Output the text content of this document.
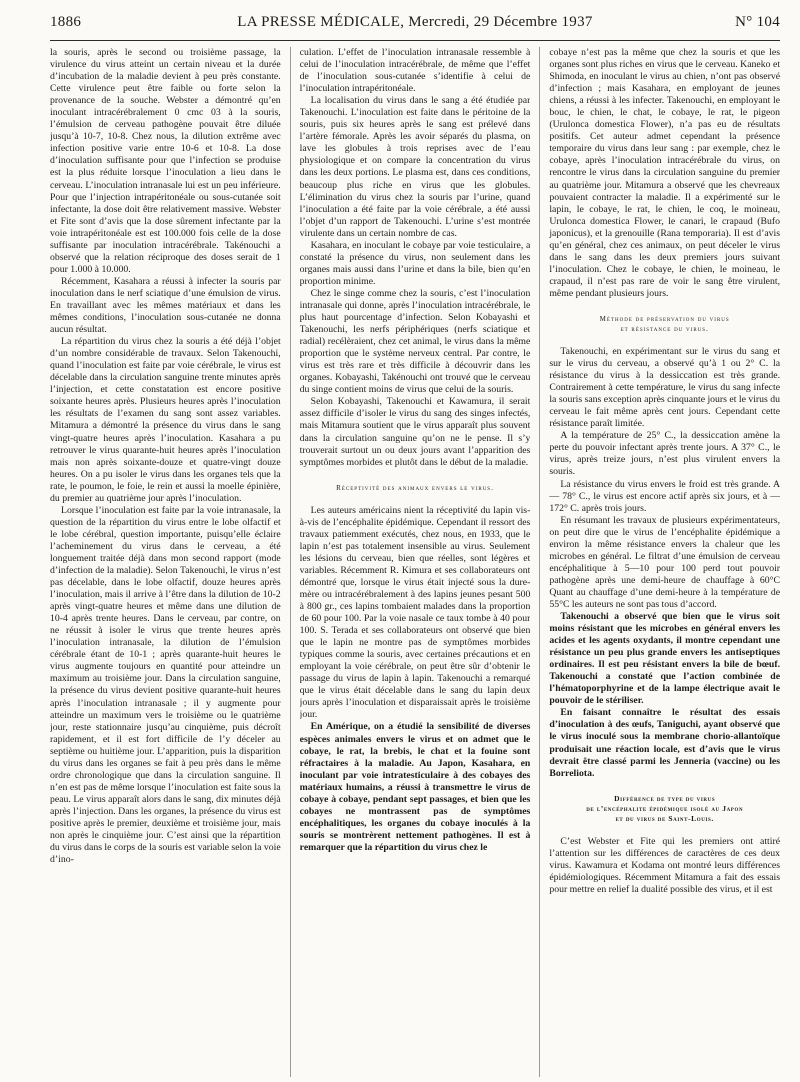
1886	LA PRESSE MÉDICALE, Mercredi, 29 Décembre 1937	N° 104

la souris, après le second ou troisième passage, la virulence du virus atteint un certain niveau et la durée d’incubation de la maladie devient à peu près constante. Cette virulence peut être faible ou forte selon la provenance de la souche. Webster a démontré qu’en inoculant intracérébralement 0 cmc 03 à la souris, l’émulsion de cerveau pathogène pouvait être diluée jusqu’à 10-7, 10-8. Chez nous, la dilution extrême avec infection positive varie entre 10-6 et 10-8. La dose d’inoculation suffisante pour que l’infection se produise est la plus réduite lorsque l’inoculation a lieu dans le cerveau. L’inoculation intranasale lui est un peu inférieure. Pour que l’injection intrapéritonéale ou sous-cutanée soit infectante, la dose doit être relativement massive. Webster et Fite sont d’avis que la dose sûrement infectante par la voie intrapéritonéale est est 100.000 fois celle de la dose suffisante par inoculation intracérébrale. Takénouchi a observé que la relation réciproque des doses serait de 1 pour 1.000 à 10.000.

Récemment, Kasahara a réussi à infecter la souris par inoculation dans le nerf sciatique d’une émulsion de virus. En travaillant avec les mêmes matériaux et dans les mêmes conditions, l’inoculation sous-cutanée ne donna aucun résultat.

La répartition du virus chez la souris a été déjà l’objet d’un nombre considérable de travaux. Selon Takenouchi, quand l’inoculation est faite par voie cérébrale, le virus est décelable dans la circulation sanguine trente minutes après l’injection, et cette constatation est encore positive soixante heures après. Plusieurs heures après l’inoculation les résultats de l’examen du sang sont assez variables. Mitamura a démontré la présence du virus dans le sang vingt-quatre heures après l’inoculation. Kasahara a pu retrouver le virus quarante-huit heures après l’inoculation mais non après soixante-douze et quatre-vingt douze heures. On a pu isoler le virus dans les organes tels que la rate, le poumon, le foie, le rein et aussi la moelle épinière, du premier au quatrième jour après l’inoculation.

Lorsque l’inoculation est faite par la voie intranasale, la question de la répartition du virus entre le lobe olfactif et le lobe cérébral, question importante, puisqu’elle éclaire l’acheminement du virus dans le cerveau, a été longuement traitée déjà dans mon second rapport (mode d’infection de la maladie). Selon Takenouchi, le virus n’est pas décelable, dans le lobe olfactif, douze heures après l’inoculation, mais il arrive à l’être dans la dilution de 10-2 après vingt-quatre heures et même dans une dilution de 10-4 après trente heures. Dans le cerveau, par contre, on ne réussit à isoler le virus que trente heures après l’inoculation intranasale, la dilution de l’émulsion cérébrale étant de 10-1 ; après quarante-huit heures le virus augmente toujours en quantité pour atteindre un maximum au troisième jour. Dans la circulation sanguine, la présence du virus devient positive quarante-huit heures après l’inoculation intranasale ; il y augmente pour atteindre un maximum vers le troisième ou le quatrième jour, reste stationnaire jusqu’au cinquième, puis décroît rapidement, et il est fort difficile de l’y déceler au septième ou huitième jour. L’apparition, puis la disparition du virus dans les organes se fait à peu près dans le même ordre chronologique que dans la circulation sanguine. Il n’en est pas de même lorsque l’inoculation est faite sous la peau. Le virus apparaît alors dans le sang, dix minutes déjà après l’injection. Dans les organes, la présence du virus est positive après le premier, deuxième et troisième jour, mais non après le cinquième jour. C’est ainsi que la répartition du virus dans le corps de la souris est variable selon la voie d’ino-

culation. L’effet de l’inoculation intranasale ressemble à celui de l’inoculation intracérébrale, de même que l’effet de l’inoculation sous-cutanée s’identifie à celui de l’inoculation intrapéritonéale.

La localisation du virus dans le sang a été étudiée par Takenouchi. L’inoculation est faite dans le péritoine de la souris, puis six heures après le sang est prélevé dans l’artère fémorale. Après les avoir séparés du plasma, on lave les globules à trois reprises avec de l’eau physiologique et on compare la concentration du virus dans les deux portions. Le plasma est, dans ces conditions, beaucoup plus riche en virus que les globules. L’élimination du virus chez la souris par l’urine, quand l’inoculation a été faite par la voie cérébrale, a été aussi l’objet d’un rapport de Takenouchi. L’urine s’est montrée virulente dans un certain nombre de cas.

Kasahara, en inoculant le cobaye par voie testiculaire, a constaté la présence du virus, non seulement dans les organes mais aussi dans l’urine et dans la bile, bien qu’en proportion minime.

Chez le singe comme chez la souris, c’est l’inoculation intranasale qui donne, après l’inoculation intracérébrale, le plus haut pourcentage d’infection. Selon Kobayashi et Takenouchi, les nerfs périphériques (nerfs sciatique et radial) recélèraient, chez cet animal, le virus dans la même proportion que le système nerveux central. Par contre, le virus est très rare et très difficile à découvrir dans les organes. Kobayashi, Takénouchi ont trouvé que le cerveau du singe contient moins de virus que celui de la souris.

Selon Kobayashi, Takenouchi et Kawamura, il serait assez difficile d’isoler le virus du sang des singes infectés, mais Mitamura soutient que le virus apparaît plus souvent dans la circulation sanguine qu’on ne le pense. Il s’y trouverait surtout un ou deux jours avant l’apparition des symptômes morbides et plutôt dans le début de la maladie.

Réceptivité des animaux envers le virus.

Les auteurs américains nient la réceptivité du lapin vis-à-vis de l’encéphalite épidémique. Cependant il ressort des travaux patiemment exécutés, chez nous, en 1933, que le lapin n’est pas totalement insensible au virus. Seulement les lésions du cerveau, bien que réelles, sont légères et variables. Récemment R. Kimura et ses collaborateurs ont démontré que, lorsque le virus était injecté sous la dure-mère ou intracérébralement à des lapins jeunes pesant 500 à 800 gr., ces lapins tombaient malades dans la proportion de 60 pour 100. Par la voie nasale ce taux tombe à 40 pour 100. S. Terada et ses collaborateurs ont observé que bien que le lapin ne montre pas de symptômes morbides typiques comme la souris, avec certaines précautions et en employant la voie cérébrale, on peut être sûr d’obtenir le passage du virus de lapin à lapin. Takenouchi a remarqué que le virus était décelable dans le sang du lapin deux jours après l’inoculation et disparaissait après le troisième jour.

En Amérique, on a étudié la sensibilité de diverses espèces animales envers le virus et on admet que le cobaye, le rat, la brebis, le chat et la fouine sont réfractaires à la maladie. Au Japon, Kasahara, en inoculant par voie intratesticulaire à des cobayes des matériaux humains, a réussi à transmettre le virus de cobaye à cobaye, pendant sept passages, et bien que les cobayes ne montrassent pas de symptômes encéphalitiques, les organes du cobaye inoculés à la souris se montrèrent nettement pathogènes. Il est à remarquer que la répartition du virus chez le

cobaye n’est pas la même que chez la souris et que les organes sont plus riches en virus que le cerveau. Kaneko et Shimoda, en inoculant le virus au chien, n’ont pas observé d’infection ; mais Kasahara, en employant de jeunes chiens, a réussi à les infecter. Takenouchi, en employant le bouc, le chien, le chat, le cobaye, le rat, le pigeon (Urulonca domestica Flower), n’a pas eu de résultats positifs. Cet auteur admet cependant la présence temporaire du virus dans leur sang : par exemple, chez le cobaye, après l’inoculation intracérébrale du virus, on rencontre le virus dans la circulation sanguine du premier au quatrième jour. Mitamura a observé que les chevreaux pouvaient contracter la maladie. Il a expérimenté sur le lapin, le cobaye, le rat, le chien, le coq, le moineau, Urulonca domestica Flower, le canari, le crapaud (Bufo japonicus), et la grenouille (Rana temporaria). Il est d’avis qu’en général, chez ces animaux, on peut déceler le virus dans le sang dans les deux premiers jours suivant l’inoculation. Chez le cobaye, le chien, le moineau, le crapaud, il n’est pas rare de voir le sang être virulent, même pendant plusieurs jours.

Méthode de préservation du virus
et résistance du virus.

Takenouchi, en expérimentant sur le virus du sang et sur le virus du cerveau, a observé qu’à 1 ou 2° C. la résistance du virus à la dessiccation est très grande. Contrairement à cette température, le virus du sang infecte la souris sans exception après cinquante jours et le virus du cerveau le fait même après cent jours. Cependant cette résistance paraît limitée.

A la température de 25° C., la dessiccation amène la perte du pouvoir infectant après trente jours. A 37° C., le virus, après treize jours, n’est plus virulent envers la souris.

La résistance du virus envers le froid est très grande. A — 78° C., le virus est encore actif après six jours, et à — 172° C. après trois jours.

En résumant les travaux de plusieurs expérimentateurs, on peut dire que le virus de l’encéphalite épidémique a environ la même résistance envers la chaleur que les microbes en général. Le filtrat d’une émulsion de cerveau encéphalitique à 5—10 pour 100 perd tout pouvoir pathogène après une demi-heure de chauffage à 60°C Quant au chauffage d’une demi-heure à la température de 55°C les auteurs ne sont pas tous d’accord.

Takenouchi a observé que bien que le virus soit moins résistant que les microbes en général envers les acides et les agents oxydants, il montre cependant une résistance un peu plus grande envers les antiseptiques ordinaires. Il est peu résistant envers la bile de bœuf. Takenouchi a constaté que l’action combinée de l’hématoporphyrine et de la lampe électrique avait le pouvoir de le stériliser.

En faisant connaître le résultat des essais d’inoculation à des œufs, Taniguchi, ayant observé que le virus inoculé sous la membrane chorio-allantoïque produisait une réaction locale, est d’avis que le virus devrait être classé parmi les Jenneria (vaccine) ou les Borreliota.

Différence de type du virus
de l’encéphalite épidémique isolé au Japon
et du virus de Saint-Louis.

C’est Webster et Fite qui les premiers ont attiré l’attention sur les différences de caractères de ces deux virus. Kawamura et Kodama ont montré leurs différences épidémiologiques. Récemment Mitamura a fait des essais pour mettre en relief la dualité possible des virus, et il est
